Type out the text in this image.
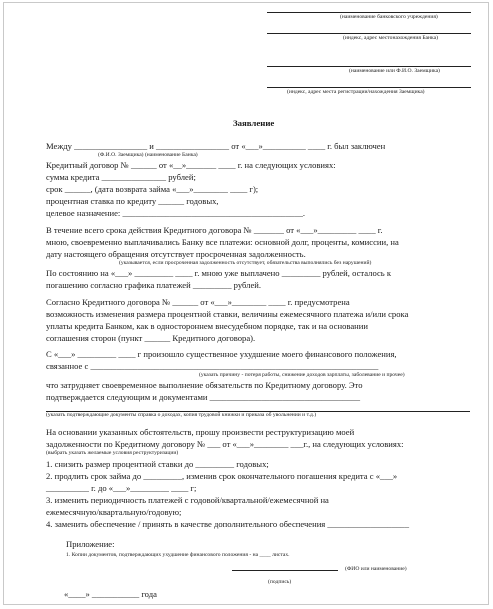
(наименование банковского учреждения)
(индекс, адрес местонахождения Банка)
(наименование или Ф.И.О. Заемщика)
(индекс, адрес места регистрации/нахождения Заемщика)
Заявление
Между _________________ и _________________ от «___»__________ ____ г. был заключен
(Ф.И.О. Заемщика) (наименование Банка)
Кредитный договор № ______ от «__»_______ ____ г. на следующих условиях:
сумма кредита _______________ рублей;
срок ______, (дата возврата займа «___»________ ____ г);
процентная ставка по кредиту ______ годовых,
целевое назначение: __________________________________________.
В течение всего срока действия Кредитного договора № _______ от «___»_________ ____ г.
мною, своевременно выплачивались Банку все платежи: основной долг, проценты, комиссии, на
дату настоящего обращения отсутствует просроченная задолженность.
(указывается, если просроченная задолженность отсутствует, обязательства выполнялись без нарушений)
По состоянию на «___» _________ ____ г. мною уже выплачено _________ рублей, осталось к
погашению согласно графика платежей _________ рублей.
Согласно Кредитного договора № ______ от «___»________ ____ г. предусмотрена
возможность изменения размера процентной ставки, величины ежемесячного платежа и/или срока
уплаты кредита Банком, как в одностороннем внесудебном порядке, так и на основании
соглашения сторон (пункт ______ Кредитного договора).
С «___» _________ ____ г произошло существенное ухудшение моего финансового положения,
связанное с ___________________________________________________________________
(указать причину - потеря работы, снижение доходов зарплаты, заболевание и прочее)
что затрудняет своевременное выполнение обязательств по Кредитному договору. Это
подтверждается следующим и документами ___________________________________
(указать подтверждающие документы справка о доходах, копия трудовой книжки и приказа об увольнении и т.д.)
На основании указанных обстоятельств, прошу произвести реструктуризацию моей
задолженности по Кредитному договору № ___ от «___»________ ___г., на следующих условиях:
(выбрать указать желаемые условия реструктуризации)
1. снизить размер процентной ставки до _________ годовых;
2. продлить срок займа до _________, изменив срок окончательного погашения кредита с «___»
__________ г. до «___»_________ ____ г;
3. изменить периодичность платежей с годовой/квартальной/ежемесячной на
ежемесячную/квартальную/годовую;
4. заменить обеспечение / принять в качестве дополнительного обеспечения ___________________
Приложение:
1. Копии документов, подтверждающих ухудшение финансового положения - на ____ листах.
(ФИО или наименование)
(подпись)
«____» ___________ года
